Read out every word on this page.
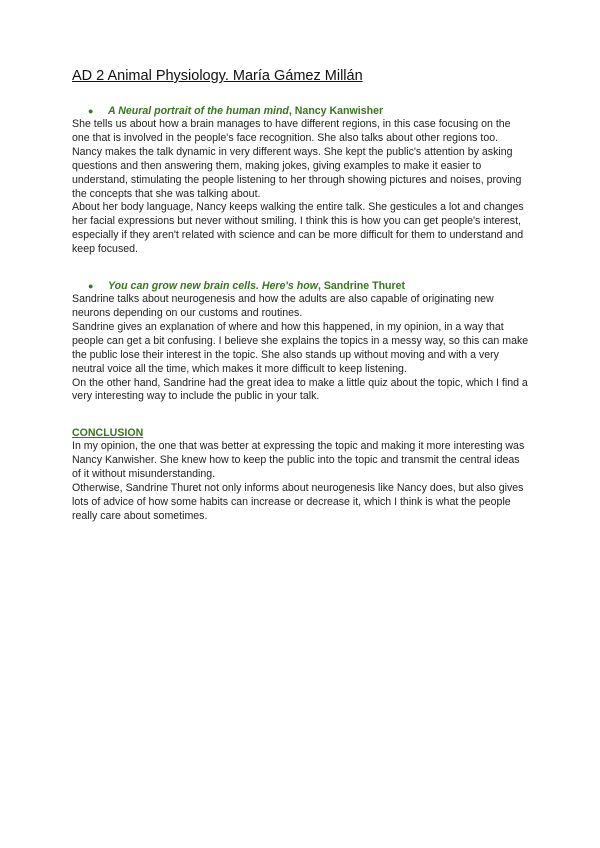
AD 2 Animal Physiology. María Gámez Millán
●	A Neural portrait of the human mind, Nancy Kanwisher

She tells us about how a brain manages to have different regions, in this case focusing on the one that is involved in the people's face recognition. She also talks about other regions too.

Nancy makes the talk dynamic in very different ways. She kept the public's attention by asking questions and then answering them, making jokes, giving examples to make it easier to understand, stimulating the people listening to her through showing pictures and noises, proving the concepts that she was talking about.

About her body language, Nancy keeps walking the entire talk. She gesticules a lot and changes her facial expressions but never without smiling. I think this is how you can get people's interest, especially if they aren't related with science and can be more difficult for them to understand and keep focused.

●	You can grow new brain cells. Here's how, Sandrine Thuret

Sandrine talks about neurogenesis and how the adults are also capable of originating new neurons depending on our customs and routines.

Sandrine gives an explanation of where and how this happened, in my opinion, in a way that people can get a bit confusing. I believe she explains the topics in a messy way, so this can make the public lose their interest in the topic. She also stands up without moving and with a very neutral voice all the time, which makes it more difficult to keep listening.

On the other hand, Sandrine had the great idea to make a little quiz about the topic, which I find a very interesting way to include the public in your talk.

CONCLUSION

In my opinion, the one that was better at expressing the topic and making it more interesting was Nancy Kanwisher. She knew how to keep the public into the topic and transmit the central ideas of it without misunderstanding.

Otherwise, Sandrine Thuret not only informs about neurogenesis like Nancy does, but also gives lots of advice of how some habits can increase or decrease it, which I think is what the people really care about sometimes.
